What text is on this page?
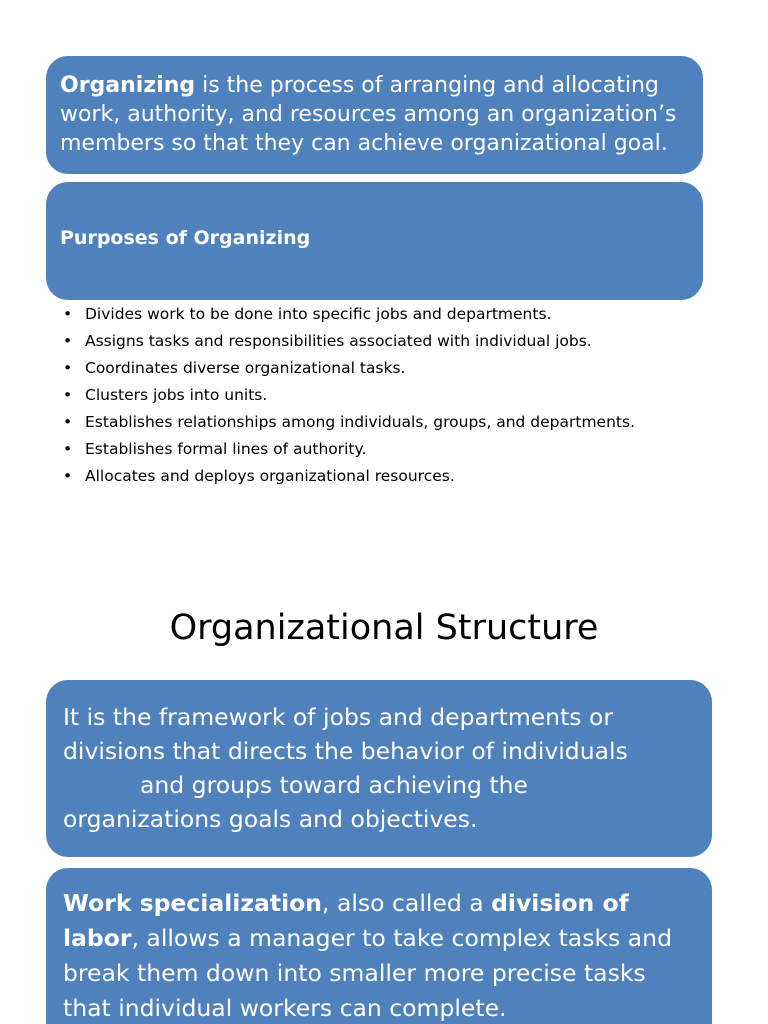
Organizing is the process of arranging and allocating work, authority, and resources among an organization’s members so that they can achieve organizational goal.
Purposes of Organizing
• Divides work to be done into specific jobs and departments.
• Assigns tasks and responsibilities associated with individual jobs.
• Coordinates diverse organizational tasks.
• Clusters jobs into units.
• Establishes relationships among individuals, groups, and departments.
• Establishes formal lines of authority.
• Allocates and deploys organizational resources.
Organizational Structure
It is the framework of jobs and departments or divisions that directs the behavior of individuals
and groups toward achieving the
organizations goals and objectives.
Work specialization, also called a division of labor, allows a manager to take complex tasks and break them down into smaller more precise tasks that individual workers can complete.
